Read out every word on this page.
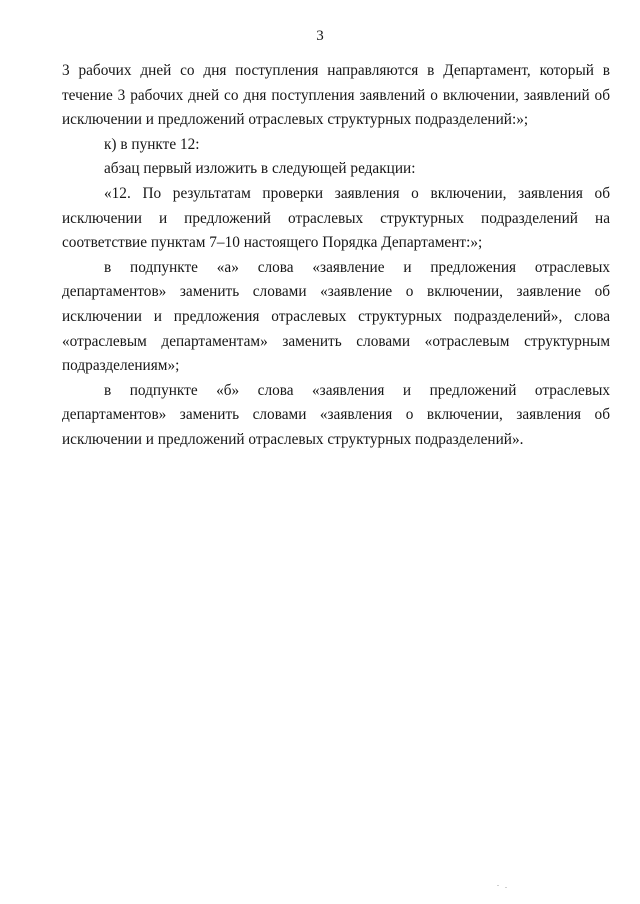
3

3 рабочих дней со дня поступления направляются в Департамент, который в течение 3 рабочих дней со дня поступления заявлений о включении, заявлений об исключении и предложений отраслевых структурных подразделений:»;

к) в пункте 12:

абзац первый изложить в следующей редакции:

«12. По результатам проверки заявления о включении, заявления об исключении и предложений отраслевых структурных подразделений на соответствие пунктам 7–10 настоящего Порядка Департамент:»;

в подпункте «а» слова «заявление и предложения отраслевых департаментов» заменить словами «заявление о включении, заявление об исключении и предложения отраслевых структурных подразделений», слова «отраслевым департаментам» заменить словами «отраслевым структурным подразделениям»;

в подпункте «б» слова «заявления и предложений отраслевых департаментов» заменить словами «заявления о включении, заявления об исключении и предложений отраслевых структурных подразделений».
